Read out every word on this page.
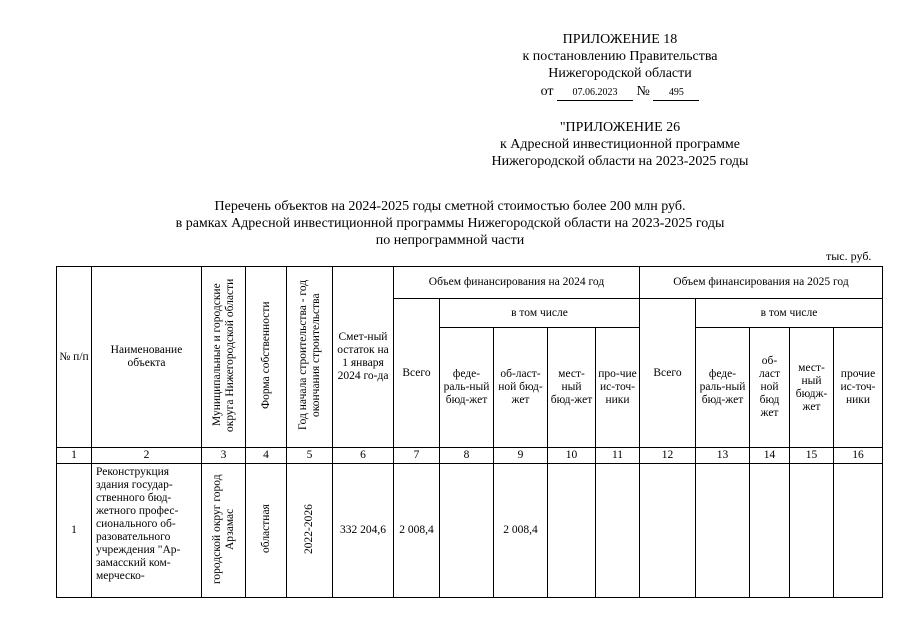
ПРИЛОЖЕНИЕ 18
к постановлению Правительства
Нижегородской области
от 07.06.2023 № 495
"ПРИЛОЖЕНИЕ 26
к Адресной инвестиционной программе
Нижегородской области на 2023-2025 годы
Перечень объектов на 2024-2025 годы сметной стоимостью более 200 млн руб.
в рамках Адресной инвестиционной программы Нижегородской области на 2023-2025 годы
по непрограммной части
тыс. руб.
№ п/п	Наименование объекта	Муниципальные и городские округа Нижегородской области	Форма собственности	Год начала строительства - год окончания строительства	Смет-ный остаток на 1 января 2024 го-да	Объем финансирования на 2024 год					Объем финансирования на 2025 год				
						Всего	в том числе				Всего	в том числе			
							феде-раль-ный бюд-жет	об-ласт-ной бюд-жет	мест-ный бюд-жет	про-чие ис-точ-ники		феде-раль-ный бюд-жет	об-ласт ной бюд жет	мест-ный бюдж-жет	прочие ис-точ-ники
1	2	3	4	5	6	7	8	9	10	11	12	13	14	15	16
1	Реконструкция здания государ-ственного бюд-жетного профес-сионального об-разовательного учреждения "Ар-замасский ком-мерческо-	городской округ город Арзамас	областная	2022-2026	332 204,6	2 008,4		2 008,4							
